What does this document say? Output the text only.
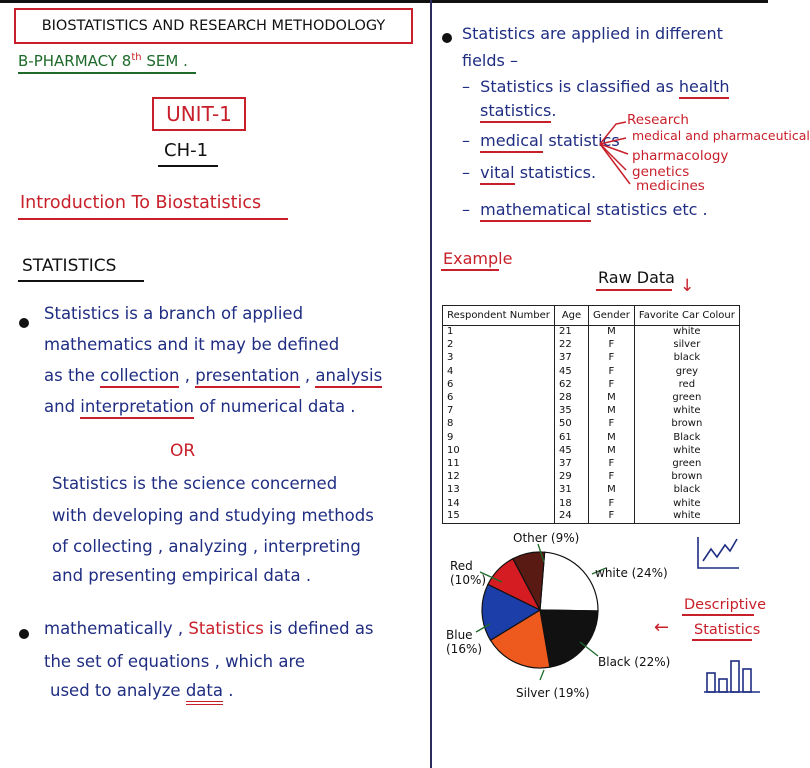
BIOSTATISTICS AND RESEARCH METHODOLOGY
B-PHARMACY 8th SEM .
UNIT-1
CH-1
Introduction To Biostatistics
STATISTICS
Statistics is a branch of applied
mathematics and it may be defined
as the collection , presentation , analysis
and interpretation of numerical data .
OR
Statistics is the science concerned
with developing and studying methods
of collecting , analyzing , interpreting
and presenting empirical data .
mathematically , Statistics is defined as
the set of equations , which are
used to analyze data .
Statistics are applied in different
fields –
–  Statistics is classified as health
statistics.
–  medical statistics
Research
medical and pharmaceutical
pharmacology
genetics
medicines
–  vital statistics.
–  mathematical statistics etc .
Example
Raw Data ↓
Respondent Number	Age	Gender	Favorite Car Colour
1	21	M	white
2	22	F	silver
3	37	F	black
4	45	F	grey
6	62	F	red
6	28	M	green
7	35	M	white
8	50	F	brown
9	61	M	Black
10	45	M	white
11	37	F	green
12	29	F	brown
13	31	M	black
14	18	F	white
15	24	F	white
Other (9%)
white (24%)
Black (22%)
Silver (19%)
Blue
(16%)
Red
(10%)
←
Descriptive
Statistics
